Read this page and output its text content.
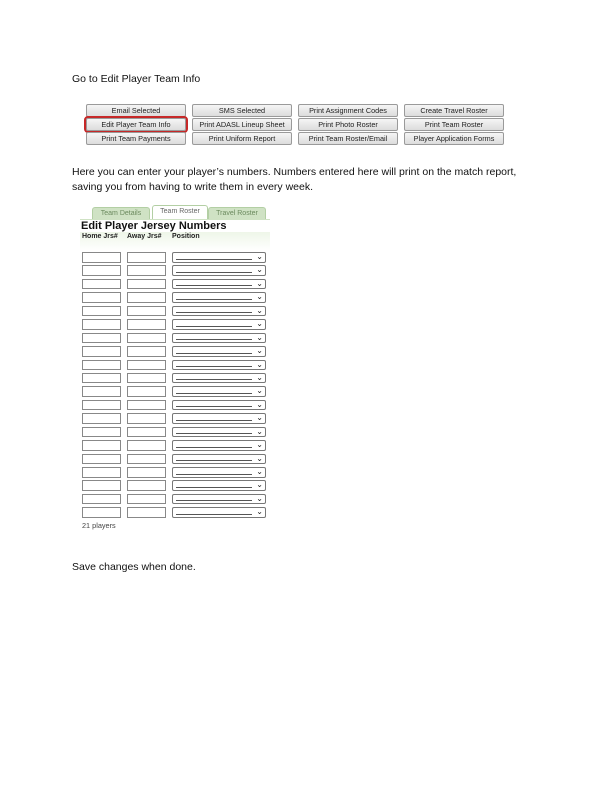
Go to Edit Player Team Info

Email Selected	SMS Selected	Print Assignment Codes	Create Travel Roster
Edit Player Team Info	Print ADASL Lineup Sheet	Print Photo Roster	Print Team Roster
Print Team Payments	Print Uniform Report	Print Team Roster/Email	Player Application Forms

Here you can enter your player’s numbers. Numbers entered here will print on the match report, saving you from having to write them in every week.

Team Details	Travel Roster
Team Roster
Edit Player Jersey Numbers
Home Jrs# Away Jrs# Position
⌄
⌄
⌄
⌄
⌄
⌄
⌄
⌄
⌄
⌄
⌄
⌄
⌄
⌄
⌄
⌄
⌄
⌄
⌄
⌄
21 players

Save changes when done.
